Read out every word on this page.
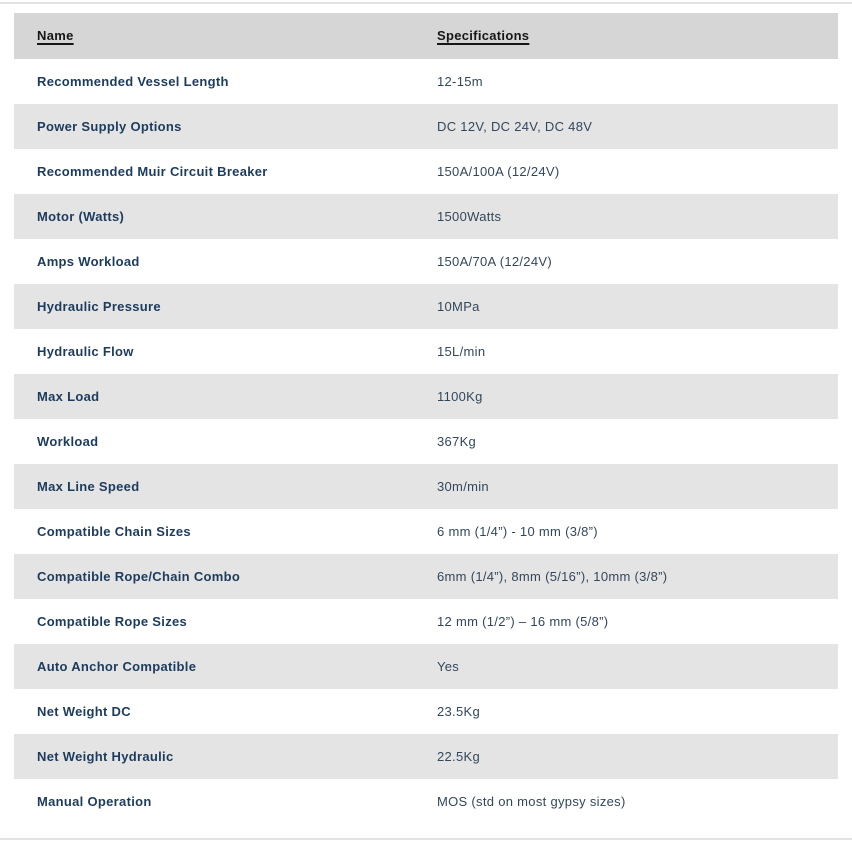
Name	Specifications
Recommended Vessel Length	12-15m
Power Supply Options	DC 12V, DC 24V, DC 48V
Recommended Muir Circuit Breaker	150A/100A (12/24V)
Motor (Watts)	1500Watts
Amps Workload	150A/70A (12/24V)
Hydraulic Pressure	10MPa
Hydraulic Flow	15L/min
Max Load	1100Kg
Workload	367Kg
Max Line Speed	30m/min
Compatible Chain Sizes	6 mm (1/4”) - 10 mm (3/8”)
Compatible Rope/Chain Combo	6mm (1/4”), 8mm (5/16”), 10mm (3/8”)
Compatible Rope Sizes	12 mm (1/2”) – 16 mm (5/8”)
Auto Anchor Compatible	Yes
Net Weight DC	23.5Kg
Net Weight Hydraulic	22.5Kg
Manual Operation	MOS (std on most gypsy sizes)
